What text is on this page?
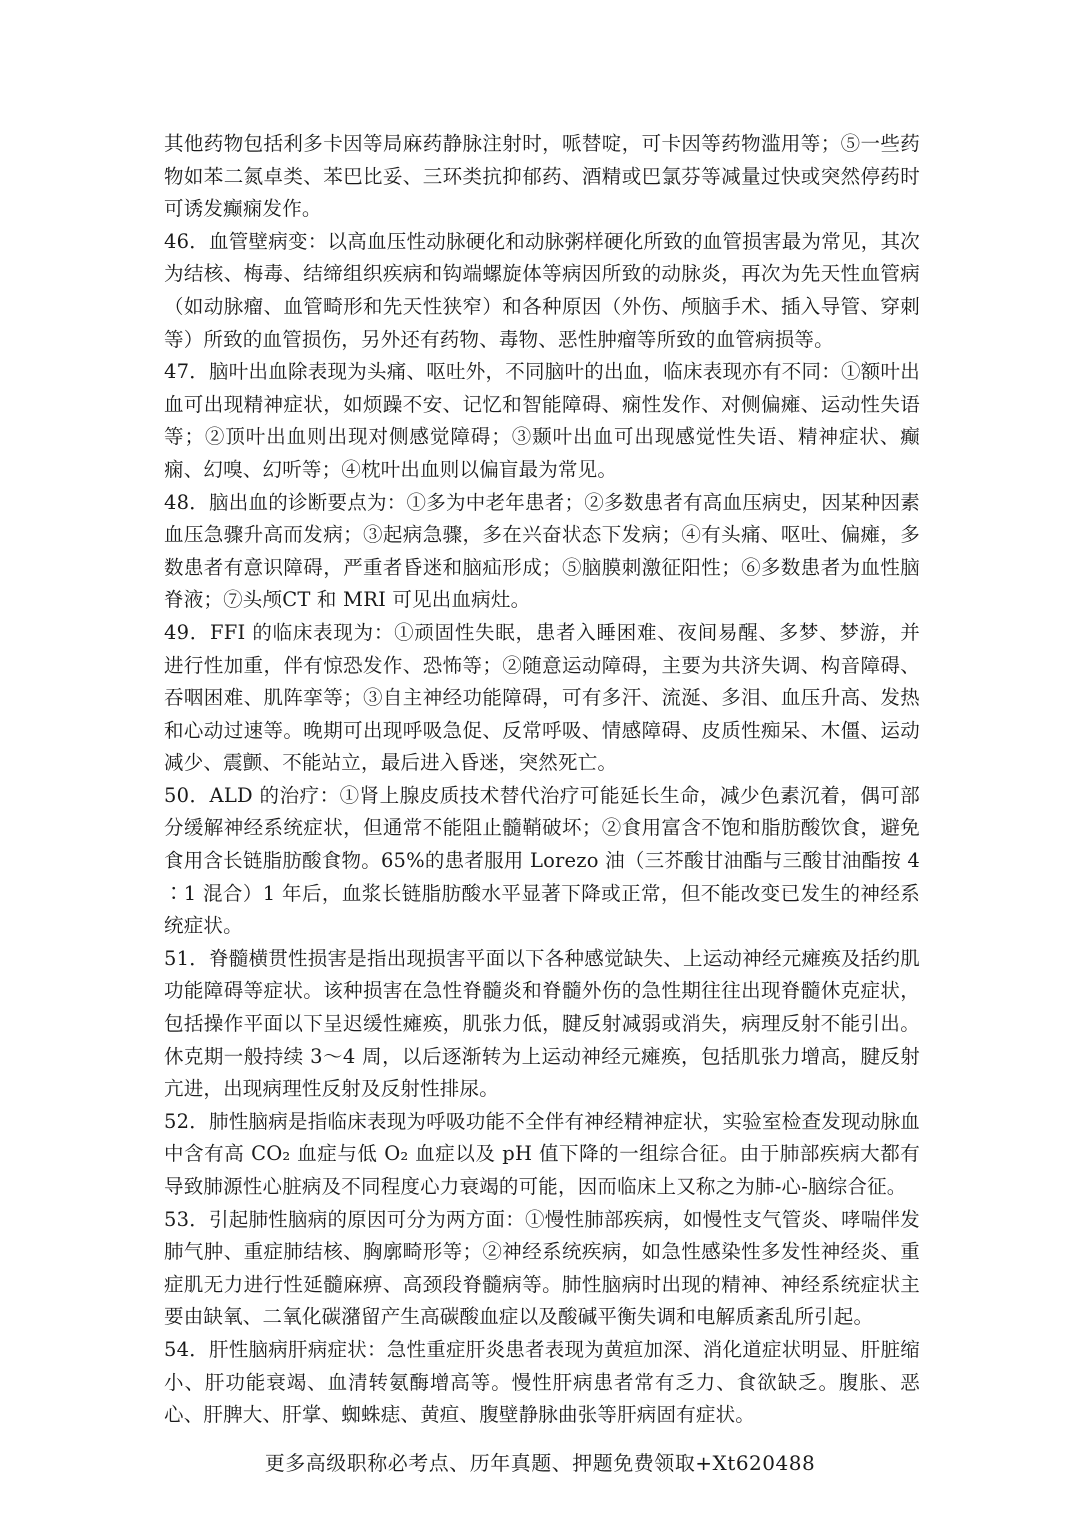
其他药物包括利多卡因等局麻药静脉注射时，哌替啶，可卡因等药物滥用等；⑤一些药物如苯二氮卓类、苯巴比妥、三环类抗抑郁药、酒精或巴氯芬等减量过快或突然停药时可诱发癫痫发作。

46．血管壁病变：以高血压性动脉硬化和动脉粥样硬化所致的血管损害最为常见，其次为结核、梅毒、结缔组织疾病和钩端螺旋体等病因所致的动脉炎，再次为先天性血管病（如动脉瘤、血管畸形和先天性狭窄）和各种原因（外伤、颅脑手术、插入导管、穿刺等）所致的血管损伤，另外还有药物、毒物、恶性肿瘤等所致的血管病损等。

47．脑叶出血除表现为头痛、呕吐外，不同脑叶的出血，临床表现亦有不同：①额叶出血可出现精神症状，如烦躁不安、记忆和智能障碍、痫性发作、对侧偏瘫、运动性失语等；②顶叶出血则出现对侧感觉障碍；③颞叶出血可出现感觉性失语、精神症状、癫痫、幻嗅、幻听等；④枕叶出血则以偏盲最为常见。

48．脑出血的诊断要点为：①多为中老年患者；②多数患者有高血压病史，因某种因素血压急骤升高而发病；③起病急骤，多在兴奋状态下发病；④有头痛、呕吐、偏瘫，多数患者有意识障碍，严重者昏迷和脑疝形成；⑤脑膜刺激征阳性；⑥多数患者为血性脑脊液；⑦头颅CT 和 MRI 可见出血病灶。

49．FFI 的临床表现为：①顽固性失眠，患者入睡困难、夜间易醒、多梦、梦游，并进行性加重，伴有惊恐发作、恐怖等；②随意运动障碍，主要为共济失调、构音障碍、吞咽困难、肌阵挛等；③自主神经功能障碍，可有多汗、流涎、多泪、血压升高、发热和心动过速等。晚期可出现呼吸急促、反常呼吸、情感障碍、皮质性痴呆、木僵、运动减少、震颤、不能站立，最后进入昏迷，突然死亡。

50．ALD 的治疗：①肾上腺皮质技术替代治疗可能延长生命，减少色素沉着，偶可部分缓解神经系统症状，但通常不能阻止髓鞘破坏；②食用富含不饱和脂肪酸饮食，避免食用含长链脂肪酸食物。65%的患者服用 Lorezo 油（三芥酸甘油酯与三酸甘油酯按 4∶1 混合）1 年后，血浆长链脂肪酸水平显著下降或正常，但不能改变已发生的神经系统症状。

51．脊髓横贯性损害是指出现损害平面以下各种感觉缺失、上运动神经元瘫痪及括约肌功能障碍等症状。该种损害在急性脊髓炎和脊髓外伤的急性期往往出现脊髓休克症状，包括操作平面以下呈迟缓性瘫痪，肌张力低，腱反射减弱或消失，病理反射不能引出。休克期一般持续 3～4 周，以后逐渐转为上运动神经元瘫痪，包括肌张力增高，腱反射亢进，出现病理性反射及反射性排尿。

52．肺性脑病是指临床表现为呼吸功能不全伴有神经精神症状，实验室检查发现动脉血中含有高 CO₂ 血症与低 O₂ 血症以及 pH 值下降的一组综合征。由于肺部疾病大都有导致肺源性心脏病及不同程度心力衰竭的可能，因而临床上又称之为肺-心-脑综合征。

53．引起肺性脑病的原因可分为两方面：①慢性肺部疾病，如慢性支气管炎、哮喘伴发肺气肿、重症肺结核、胸廓畸形等；②神经系统疾病，如急性感染性多发性神经炎、重症肌无力进行性延髓麻痹、高颈段脊髓病等。肺性脑病时出现的精神、神经系统症状主要由缺氧、二氧化碳潴留产生高碳酸血症以及酸碱平衡失调和电解质紊乱所引起。

54．肝性脑病肝病症状：急性重症肝炎患者表现为黄疸加深、消化道症状明显、肝脏缩小、肝功能衰竭、血清转氨酶增高等。慢性肝病患者常有乏力、食欲缺乏。腹胀、恶心、肝脾大、肝掌、蜘蛛痣、黄疸、腹壁静脉曲张等肝病固有症状。

更多高级职称必考点、历年真题、押题免费领取+Xt620488
